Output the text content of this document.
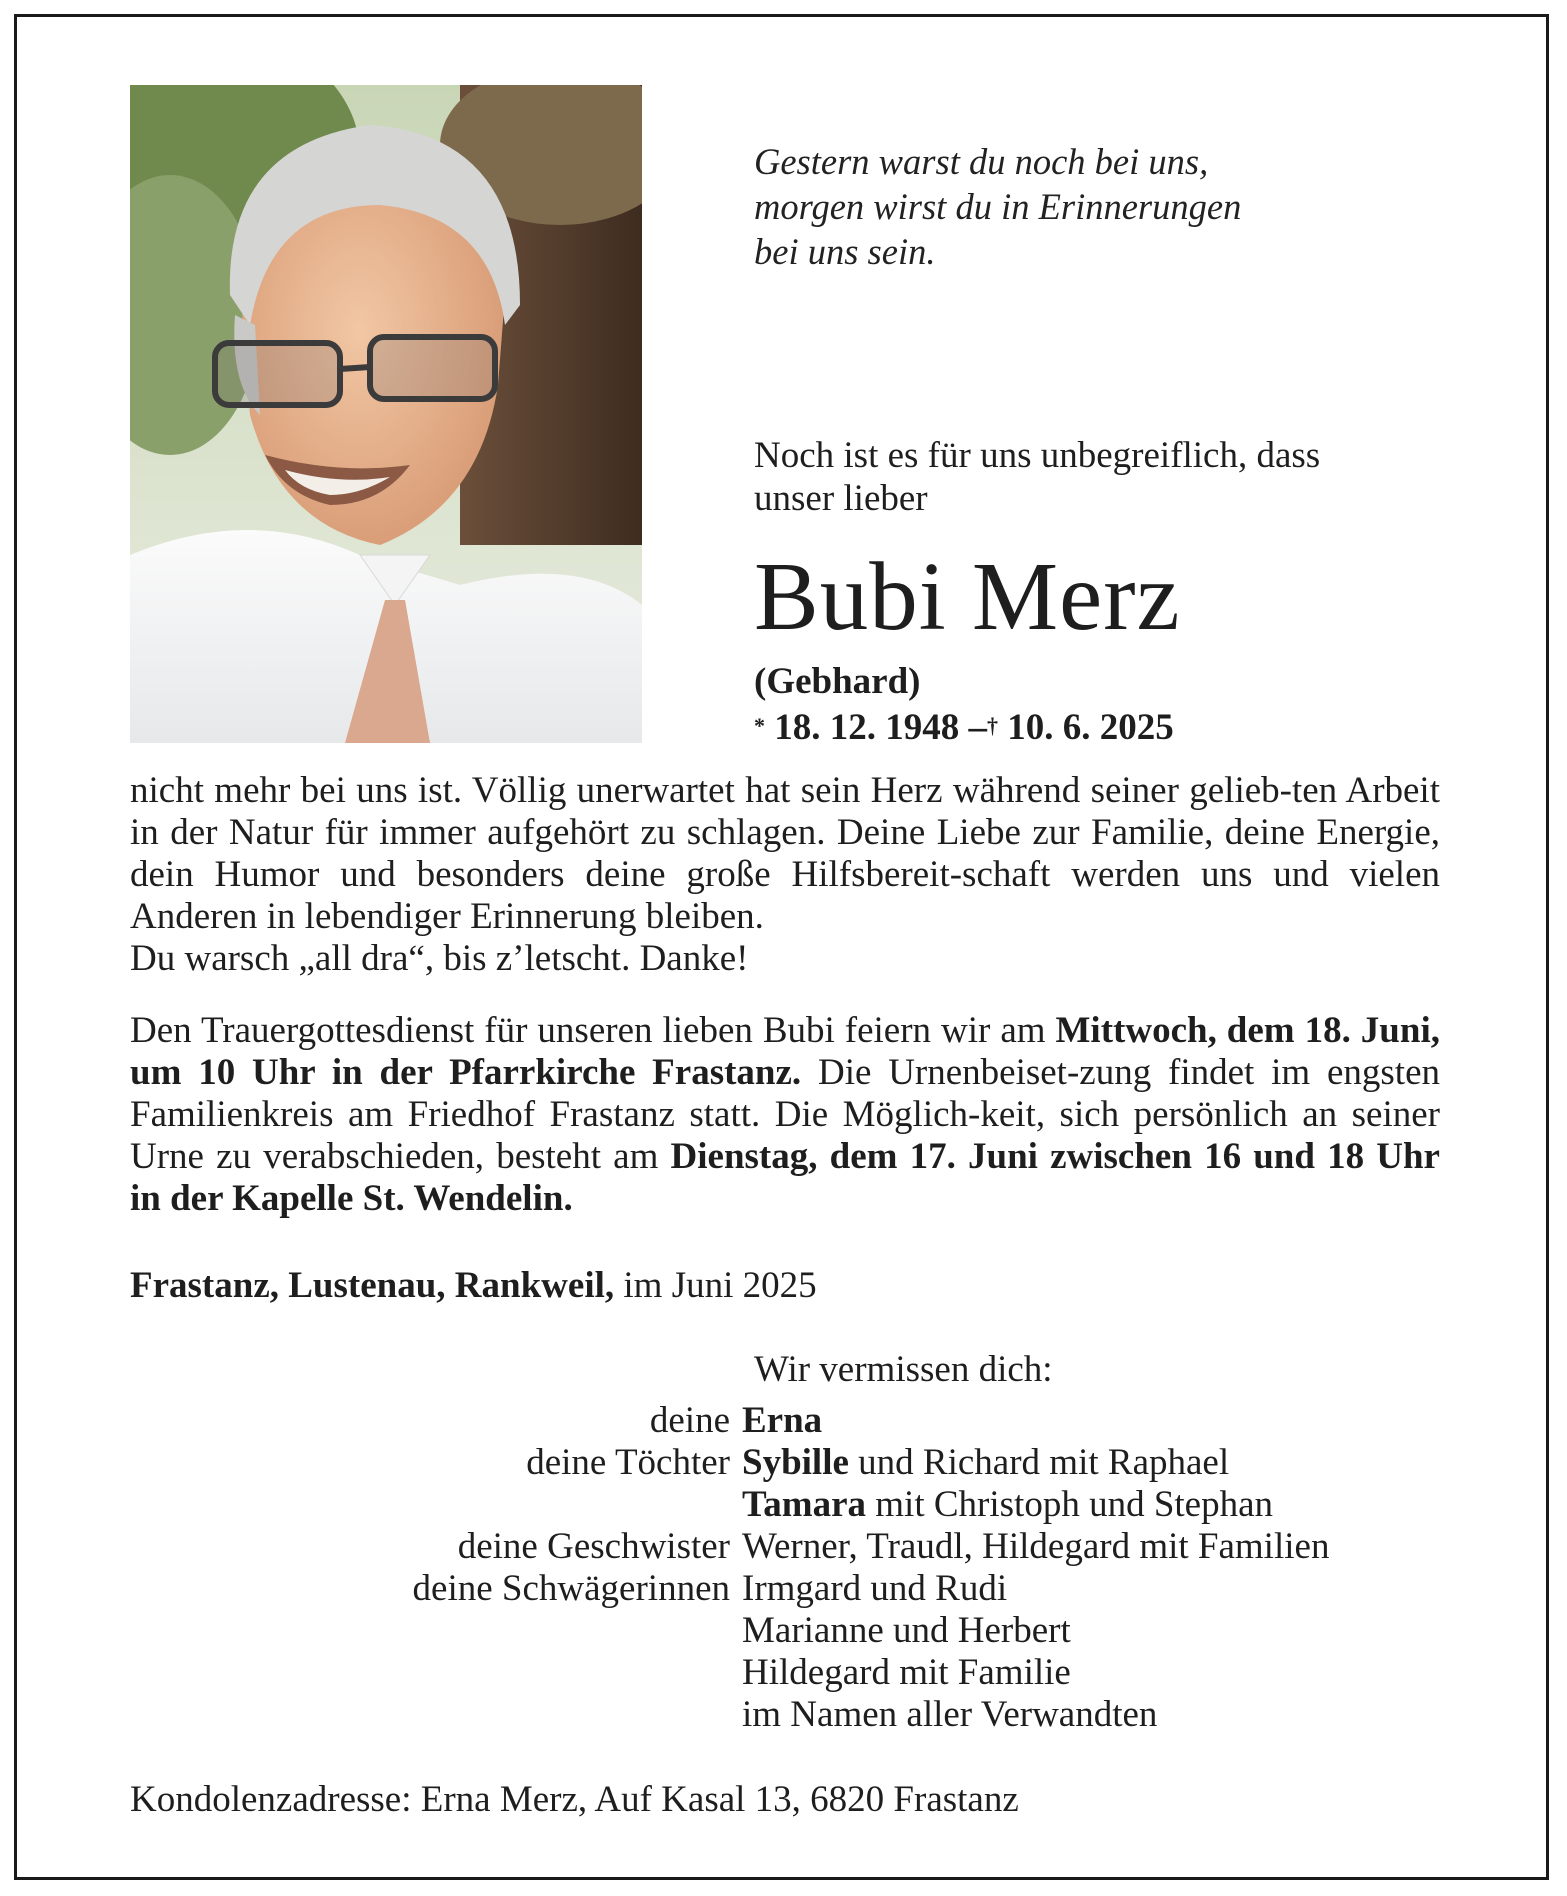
Gestern warst du noch bei uns,
morgen wirst du in Erinnerungen
bei uns sein.
Noch ist es für uns unbegreiflich, dass
unser lieber
Bubi Merz
(Gebhard)
* 18. 12. 1948 –† 10. 6. 2025
nicht mehr bei uns ist. Völlig unerwartet hat sein Herz während seiner gelieb-ten Arbeit in der Natur für immer aufgehört zu schlagen. Deine Liebe zur Familie, deine Energie, dein Humor und besonders deine große Hilfsbereit-schaft werden uns und vielen Anderen in lebendiger Erinnerung bleiben.
Du warsch „all dra“, bis z’letscht. Danke!
Den Trauergottesdienst für unseren lieben Bubi feiern wir am Mittwoch, dem 18. Juni, um 10 Uhr in der Pfarrkirche Frastanz. Die Urnenbeiset-zung findet im engsten Familienkreis am Friedhof Frastanz statt. Die Möglich-keit, sich persönlich an seiner Urne zu verabschieden, besteht am Dienstag, dem 17. Juni zwischen 16 und 18 Uhr in der Kapelle St. Wendelin.
Frastanz, Lustenau, Rankweil, im Juni 2025
Wir vermissen dich:
deine Erna
deine Töchter Sybille und Richard mit Raphael
Tamara mit Christoph und Stephan
deine Geschwister Werner, Traudl, Hildegard mit Familien
deine Schwägerinnen Irmgard und Rudi
Marianne und Herbert
Hildegard mit Familie
im Namen aller Verwandten
Kondolenzadresse: Erna Merz, Auf Kasal 13, 6820 Frastanz
